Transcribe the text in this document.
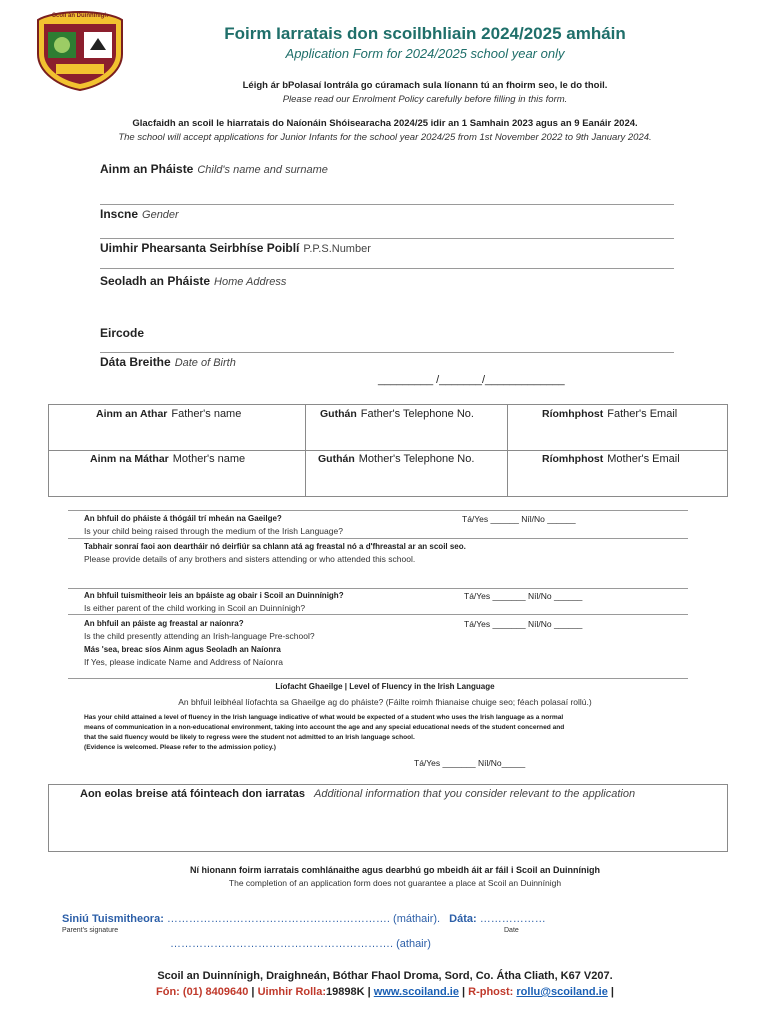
Scoil an Duinnínigh
Foirm Iarratais don scoilbhliain 2024/2025 amháin
Application Form for 2024/2025 school year only
Léigh ár bPolasaí Iontrála go cúramach sula líonann tú an fhoirm seo, le do thoil.
Please read our Enrolment Policy carefully before filling in this form.
Glacfaidh an scoil le hiarratais do Naíonáin Shóisearacha 2024/25 idir an 1 Samhain 2023 agus an 9 Eanáir 2024.
The school will accept applications for Junior Infants for the school year 2024/25 from 1st November 2022 to 9th January 2024.
Ainm an Pháiste Child's name and surname
Inscne Gender
Uimhir Phearsanta Seirbhíse Poiblí P.P.S.Number
Seoladh an Pháiste Home Address
Eircode
Dáta Breithe Date of Birth
_________ /_______/_____________
Ainm an Athar Father's name	Guthán Father's Telephone No.	Ríomhphost Father's Email
Ainm na Máthar Mother's name	Guthán Mother's Telephone No.	Ríomhphost Mother's Email
An bhfuil do pháiste á thógáil trí mheán na Gaeilge?
Is your child being raised through the medium of the Irish Language?
Tá/Yes ______ Níl/No ______
Tabhair sonraí faoi aon deartháir nó deirfiúr sa chlann atá ag freastal nó a d'fhreastal ar an scoil seo.
Please provide details of any brothers and sisters attending or who attended this school.
An bhfuil tuismitheoir leis an bpáiste ag obair i Scoil an Duinnínigh?
Is either parent of the child working in Scoil an Duinnínigh?
Tá/Yes _______ Níl/No ______
An bhfuil an páiste ag freastal ar naíonra?
Is the child presently attending an Irish-language Pre-school?
Tá/Yes _______ Níl/No ______
Más 'sea, breac síos Ainm agus Seoladh an Naíonra
If Yes, please indicate Name and Address of Naíonra
Líofacht Ghaeilge | Level of Fluency in the Irish Language
An bhfuil leibhéal líofachta sa Ghaeilge ag do pháiste? (Fáilte roimh fhianaise chuige seo; féach polasaí rollú.)
Has your child attained a level of fluency in the Irish language indicative of what would be expected of a student who uses the Irish language as a normal
means of communication in a non-educational environment, taking into account the age and any special educational needs of the student concerned and
that the said fluency would be likely to regress were the student not admitted to an Irish language school.
(Evidence is welcomed. Please refer to the admission policy.)
Tá/Yes _______ Níl/No_____
Aon eolas breise atá fóinteach don iarratas Additional information that you consider relevant to the application
Ní hionann foirm iarratais comhlánaithe agus dearbhú go mbeidh áit ar fáil i Scoil an Duinnínigh
The completion of an application form does not guarantee a place at Scoil an Duinnínigh
Siniú Tuismitheora: ……………………………………………………. (máthair). Dáta: ………………
Parent's signature	Date
……………………………………………………. (athair)
Scoil an Duinnínigh, Draighneán, Bóthar Fhaol Droma, Sord, Co. Átha Cliath, K67 V207.
Fón: (01) 8409640 | Uimhir Rolla:19898K | www.scoiland.ie | R-phost: rollu@scoiland.ie |
